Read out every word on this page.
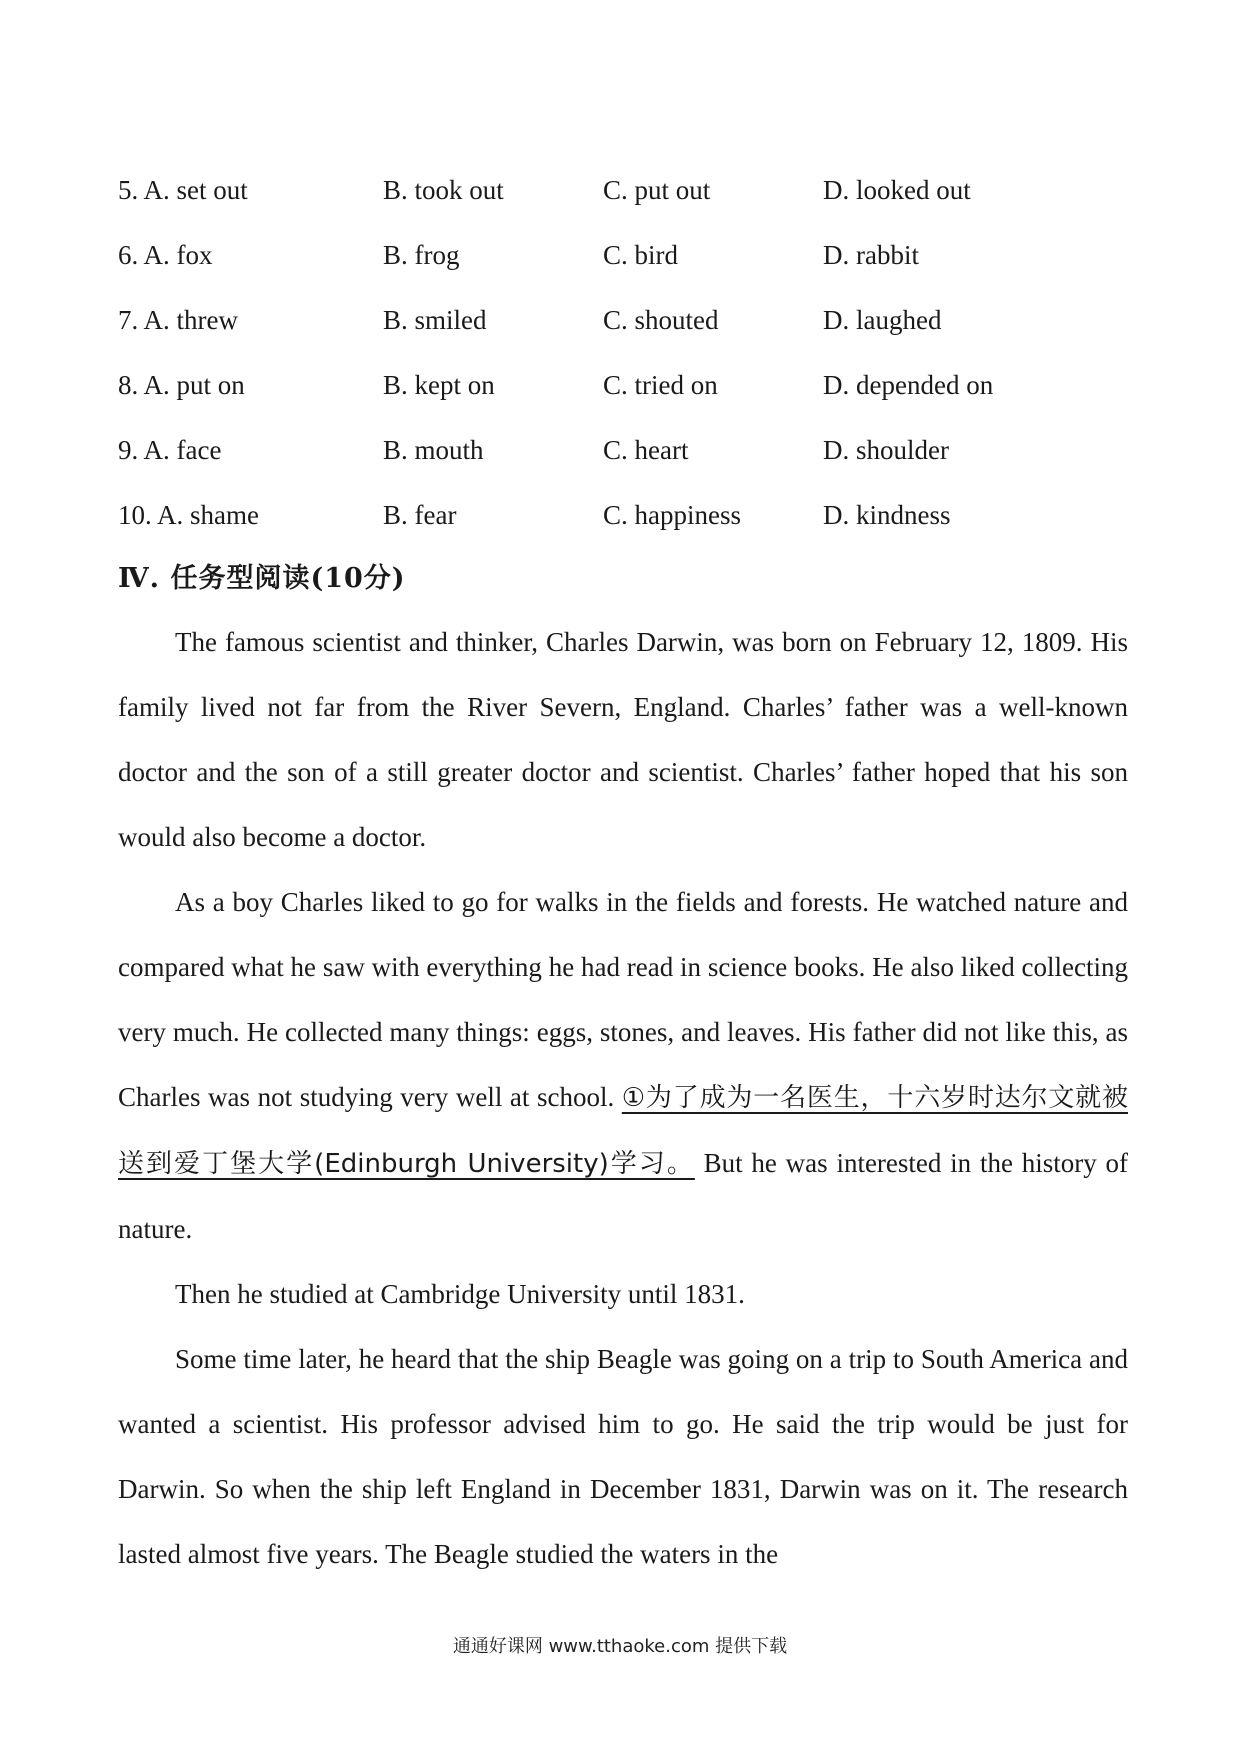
5. A. set out	B. took out	C. put out	D. looked out
6. A. fox	B. frog	C. bird	D. rabbit
7. A. threw	B. smiled	C. shouted	D. laughed
8. A. put on	B. kept on	C. tried on	D. depended on
9. A. face	B. mouth	C. heart	D. shoulder
10. A. shame	B. fear	C. happiness	D. kindness
Ⅳ. 任务型阅读(10分)

The famous scientist and thinker, Charles Darwin, was born on February 12, 1809. His family lived not far from the River Severn, England. Charles’ father was a well-known doctor and the son of a still greater doctor and scientist. Charles’ father hoped that his son would also become a doctor.

As a boy Charles liked to go for walks in the fields and forests. He watched nature and compared what he saw with everything he had read in science books. He also liked collecting very much. He collected many things: eggs, stones, and leaves. His father did not like this, as Charles was not studying very well at school. ①为了成为一名医生，十六岁时达尔文就被送到爱丁堡大学(Edinburgh University)学习。 But he was interested in the history of nature.

Then he studied at Cambridge University until 1831.

Some time later, he heard that the ship Beagle was going on a trip to South America and wanted a scientist. His professor advised him to go. He said the trip would be just for Darwin. So when the ship left England in December 1831, Darwin was on it. The research lasted almost five years. The Beagle studied the waters in the

通通好课网 www.tthaoke.com 提供下载
